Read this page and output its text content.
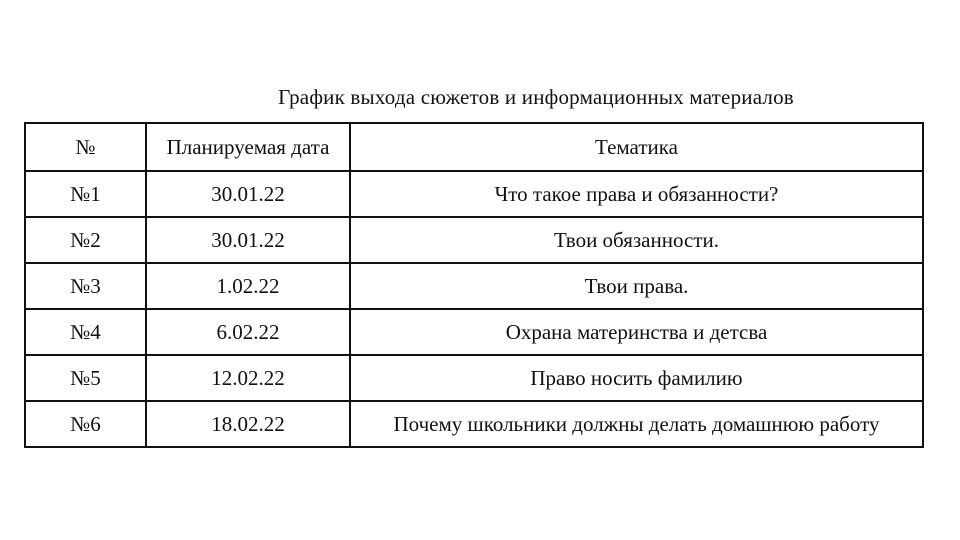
График выхода сюжетов и информационных материалов
№	Планируемая дата	Тематика
№1	30.01.22	Что такое права и обязанности?
№2	30.01.22	Твои обязанности.
№3	1.02.22	Твои права.
№4	6.02.22	Охрана материнства и детсва
№5	12.02.22	Право носить фамилию
№6	18.02.22	Почему школьники должны делать домашнюю работу
